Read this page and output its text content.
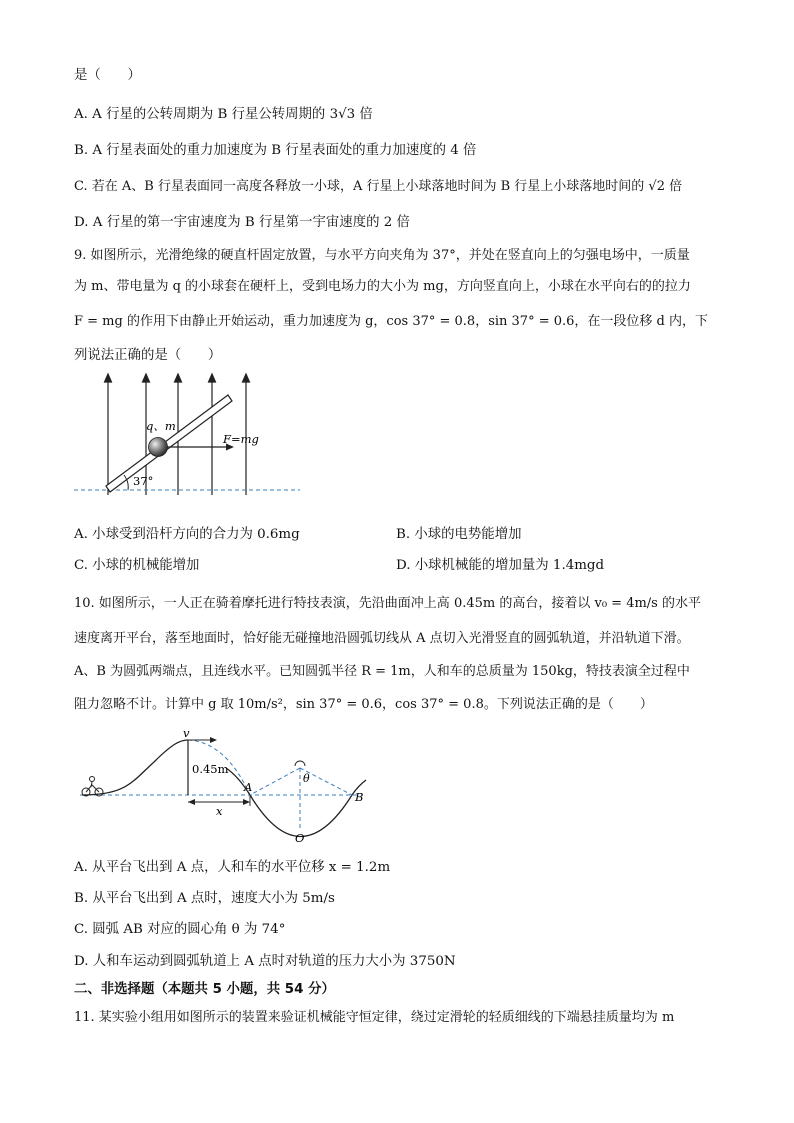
是（　　）
A. A 行星的公转周期为 B 行星公转周期的 3√3 倍
B. A 行星表面处的重力加速度为 B 行星表面处的重力加速度的 4 倍
C. 若在 A、B 行星表面同一高度各释放一小球，A 行星上小球落地时间为 B 行星上小球落地时间的 √2 倍
D. A 行星的第一宇宙速度为 B 行星第一宇宙速度的 2 倍
9. 如图所示，光滑绝缘的硬直杆固定放置，与水平方向夹角为 37°，并处在竖直向上的匀强电场中，一质量
为 m、带电量为 q 的小球套在硬杆上，受到电场力的大小为 mg，方向竖直向上，小球在水平向右的的拉力
F = mg 的作用下由静止开始运动，重力加速度为 g，cos 37° = 0.8，sin 37° = 0.6，在一段位移 d 内，下
列说法正确的是（　　）
q、m
F=mg
37°
A. 小球受到沿杆方向的合力为 0.6mg	B. 小球的电势能增加
C. 小球的机械能增加	D. 小球机械能的增加量为 1.4mgd
10. 如图所示，一人正在骑着摩托进行特技表演，先沿曲面冲上高 0.45m 的高台，接着以 v₀ = 4m/s 的水平
速度离开平台，落至地面时，恰好能无碰撞地沿圆弧切线从 A 点切入光滑竖直的圆弧轨道，并沿轨道下滑。
A、B 为圆弧两端点，且连线水平。已知圆弧半径 R = 1m，人和车的总质量为 150kg，特技表演全过程中
阻力忽略不计。计算中 g 取 10m/s²，sin 37° = 0.6，cos 37° = 0.8。下列说法正确的是（　　）
v
0.45m
A
x
θ
B
O
A. 从平台飞出到 A 点，人和车的水平位移 x = 1.2m
B. 从平台飞出到 A 点时，速度大小为 5m/s
C. 圆弧 AB 对应的圆心角 θ 为 74°
D. 人和车运动到圆弧轨道上 A 点时对轨道的压力大小为 3750N
二、非选择题（本题共 5 小题，共 54 分）
11. 某实验小组用如图所示的装置来验证机械能守恒定律，绕过定滑轮的轻质细线的下端悬挂质量均为 m
